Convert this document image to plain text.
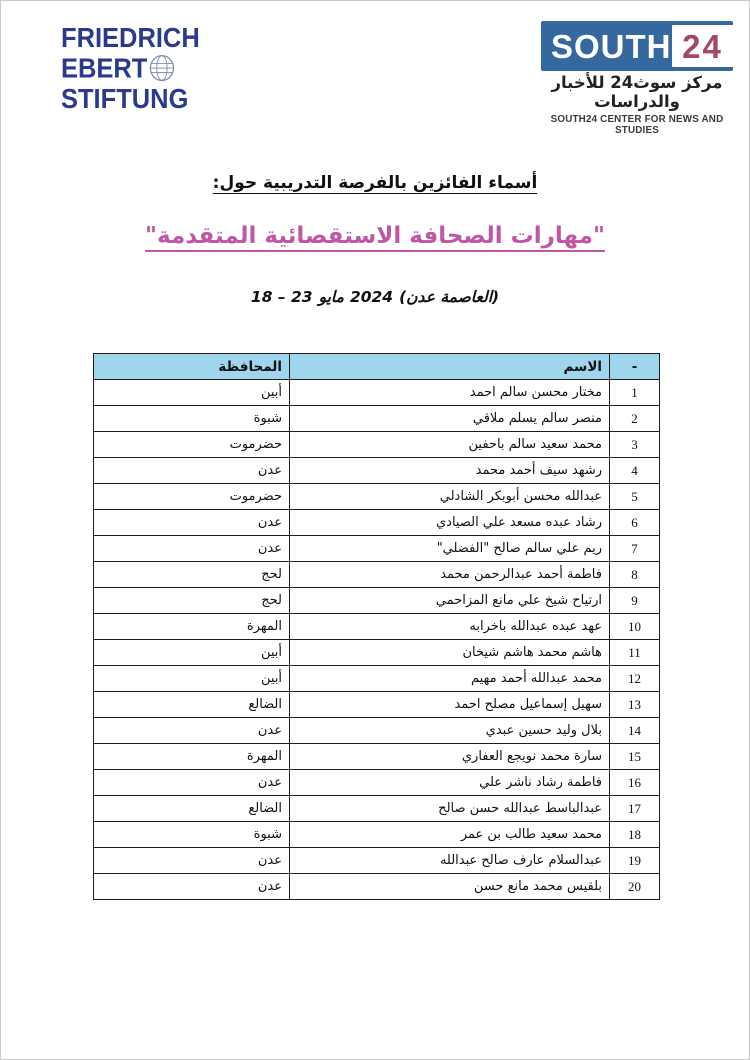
FRIEDRICH
EBERT
STIFTUNG
SOUTH 24
مركز سوث24 للأخبار والدراسات
SOUTH24 CENTER FOR NEWS AND STUDIES
أسماء الفائزين بالفرصة التدريبية حول:
"مهارات الصحافة الاستقصائية المتقدمة"
18 – 23 مايو 2024 (العاصمة عدن)
-	الاسم	المحافظة
1	مختار محسن سالم احمد	أبين
2	منصر سالم يسلم ملاقي	شبوة
3	محمد سعيد سالم باحفين	حضرموت
4	رشهد سيف أحمد محمد	عدن
5	عبدالله محسن أبوبكر الشادلي	حضرموت
6	رشاد عبده مسعد علي الصيادي	عدن
7	ريم علي سالم صالح "الفضلي"	عدن
8	فاطمة أحمد عبدالرحمن محمد	لحج
9	ارتياح شيخ علي مانع المزاحمي	لحج
10	عهد عبده عبدالله باخرابه	المهرة
11	هاشم محمد هاشم شيخان	أبين
12	محمد عبدالله أحمد مهيم	أبين
13	سهيل إسماعيل مصلح احمد	الضالع
14	بلال وليد حسين عبدي	عدن
15	سارة محمد نويجع العفاري	المهرة
16	فاطمة رشاد ناشر علي	عدن
17	عبدالباسط عبدالله حسن صالح	الضالع
18	محمد سعيد طالب بن عمر	شبوة
19	عبدالسلام عارف صالح عبدالله	عدن
20	بلقيس محمد مانع حسن	عدن
